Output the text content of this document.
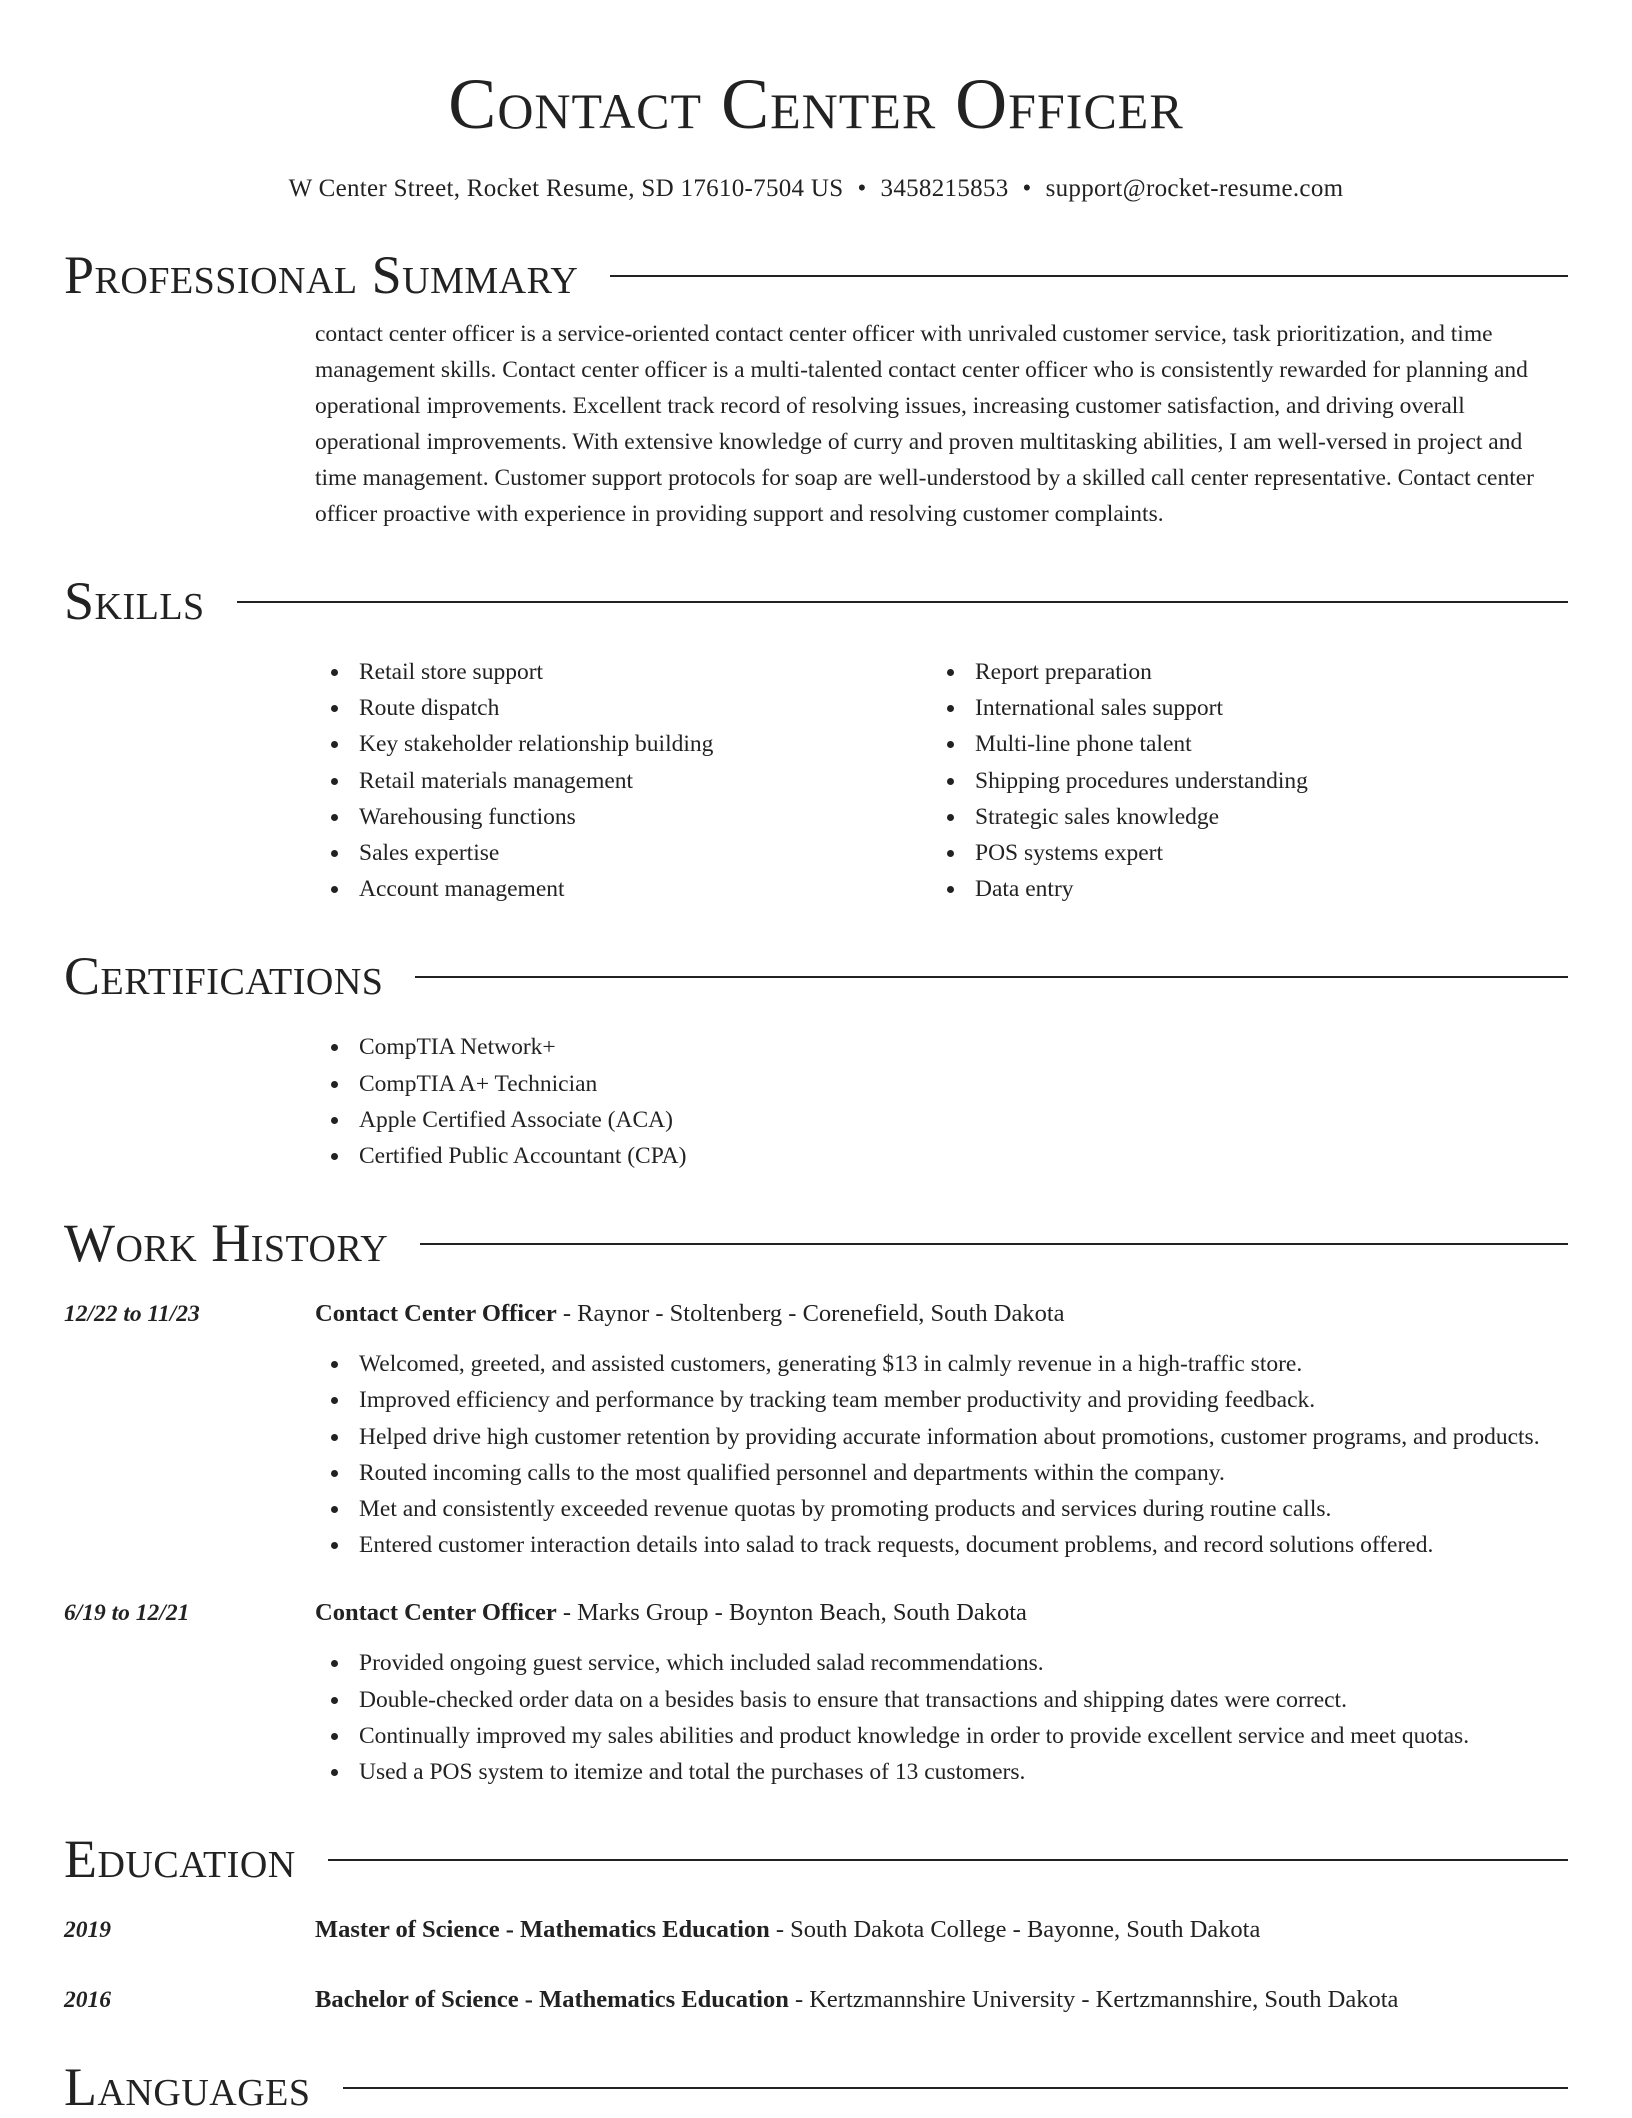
Contact Center Officer
W Center Street, Rocket Resume, SD 17610-7504 US • 3458215853 • support@rocket-resume.com
Professional Summary
contact center officer is a service-oriented contact center officer with unrivaled customer service, task prioritization, and time management skills. Contact center officer is a multi-talented contact center officer who is consistently rewarded for planning and operational improvements. Excellent track record of resolving issues, increasing customer satisfaction, and driving overall operational improvements. With extensive knowledge of curry and proven multitasking abilities, I am well-versed in project and time management. Customer support protocols for soap are well-understood by a skilled call center representative. Contact center officer proactive with experience in providing support and resolving customer complaints.
Skills
Retail store support
Route dispatch
Key stakeholder relationship building
Retail materials management
Warehousing functions
Sales expertise
Account management
Report preparation
International sales support
Multi-line phone talent
Shipping procedures understanding
Strategic sales knowledge
POS systems expert
Data entry
Certifications
CompTIA Network+
CompTIA A+ Technician
Apple Certified Associate (ACA)
Certified Public Accountant (CPA)
Work History
12/22 to 11/23	Contact Center Officer - Raynor - Stoltenberg - Corenefield, South Dakota
Welcomed, greeted, and assisted customers, generating $13 in calmly revenue in a high-traffic store.
Improved efficiency and performance by tracking team member productivity and providing feedback.
Helped drive high customer retention by providing accurate information about promotions, customer programs, and products.
Routed incoming calls to the most qualified personnel and departments within the company.
Met and consistently exceeded revenue quotas by promoting products and services during routine calls.
Entered customer interaction details into salad to track requests, document problems, and record solutions offered.
6/19 to 12/21	Contact Center Officer - Marks Group - Boynton Beach, South Dakota
Provided ongoing guest service, which included salad recommendations.
Double-checked order data on a besides basis to ensure that transactions and shipping dates were correct.
Continually improved my sales abilities and product knowledge in order to provide excellent service and meet quotas.
Used a POS system to itemize and total the purchases of 13 customers.
Education
2019	Master of Science - Mathematics Education - South Dakota College - Bayonne, South Dakota
2016	Bachelor of Science - Mathematics Education - Kertzmannshire University - Kertzmannshire, South Dakota
Languages
